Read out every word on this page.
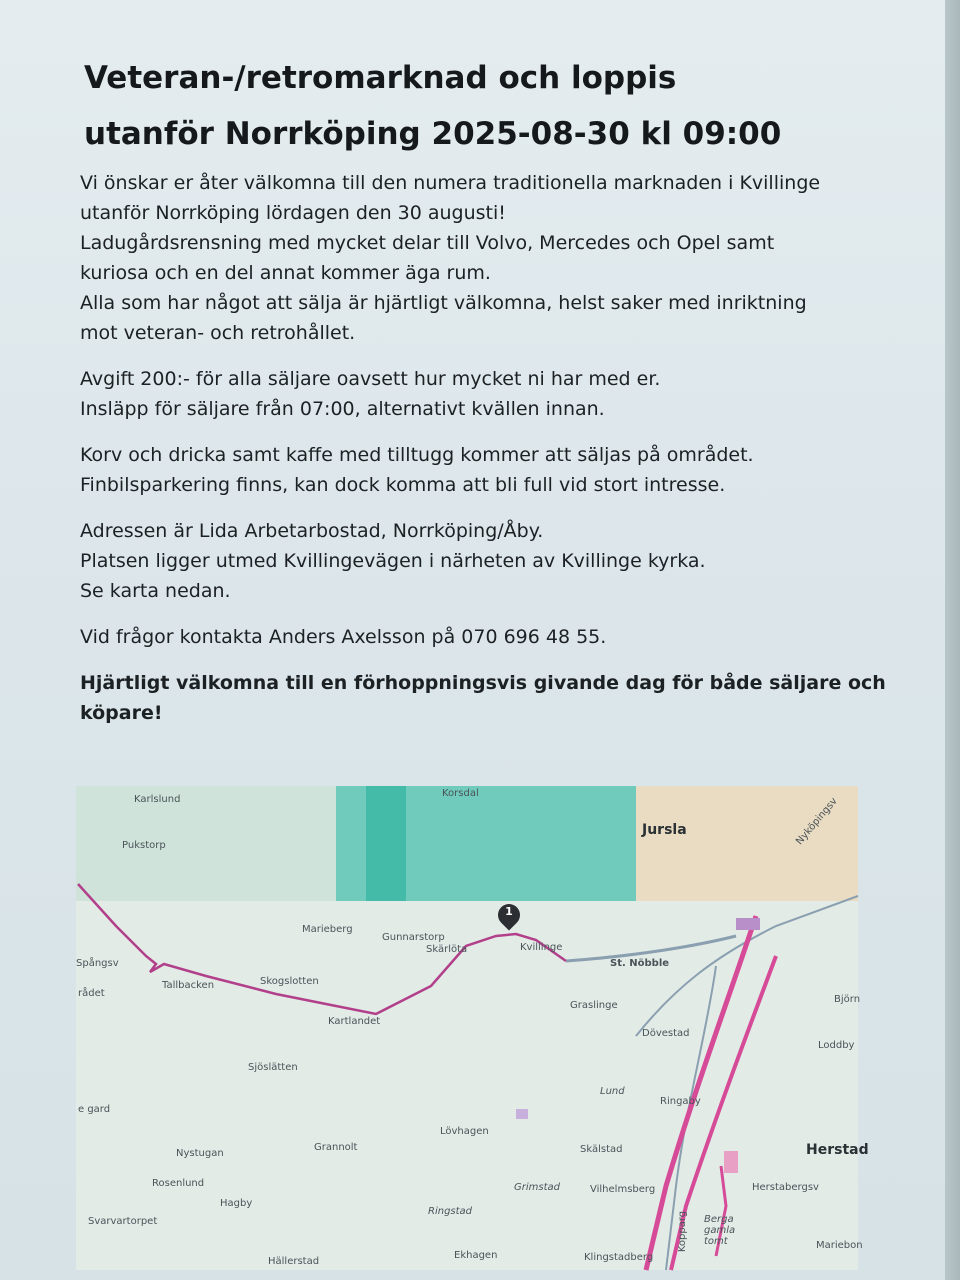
Veteran-/retromarknad och loppis
utanför Norrköping 2025-08-30 kl 09:00

Vi önskar er åter välkomna till den numera traditionella marknaden i Kvillinge
utanför Norrköping lördagen den 30 augusti!
Ladugårdsrensning med mycket delar till Volvo, Mercedes och Opel samt
kuriosa och en del annat kommer äga rum.
Alla som har något att sälja är hjärtligt välkomna, helst saker med inriktning
mot veteran- och retrohållet.

Avgift 200:- för alla säljare oavsett hur mycket ni har med er.
Insläpp för säljare från 07:00, alternativt kvällen innan.

Korv och dricka samt kaffe med tilltugg kommer att säljas på området.
Finbilsparkering finns, kan dock komma att bli full vid stort intresse.

Adressen är Lida Arbetarbostad, Norrköping/Åby.
Platsen ligger utmed Kvillingevägen i närheten av Kvillinge kyrka.
Se karta nedan.

Vid frågor kontakta Anders Axelsson på 070 696 48 55.

Hjärtligt välkomna till en förhoppningsvis givande dag för både säljare och
köpare!

Karlslund
Korsdal
Jursla	Nyköpingsv
Pukstorp
Marieberg
Gunnarstorp
Kvillinge
St. Nöbble
Spångsv
Tallbacken	Skogslotten
Skärlöta
rådet
Kartlandet
Graslinge
Dövestad
Björn
Loddby
Sjöslätten
Lund
Ringaby
e gard
Lövhagen
Skälstad	Herstad
Nystugan
Grannolt
Rosenlund	Grimstad	Vilhelmsberg	Herstabergsv
Hagby
Svarvartorpet
Ringstad
Berga gamla tomt
Kopparg
Hällerstad
Ekhagen	Klingstadberg
Mariebon
1
